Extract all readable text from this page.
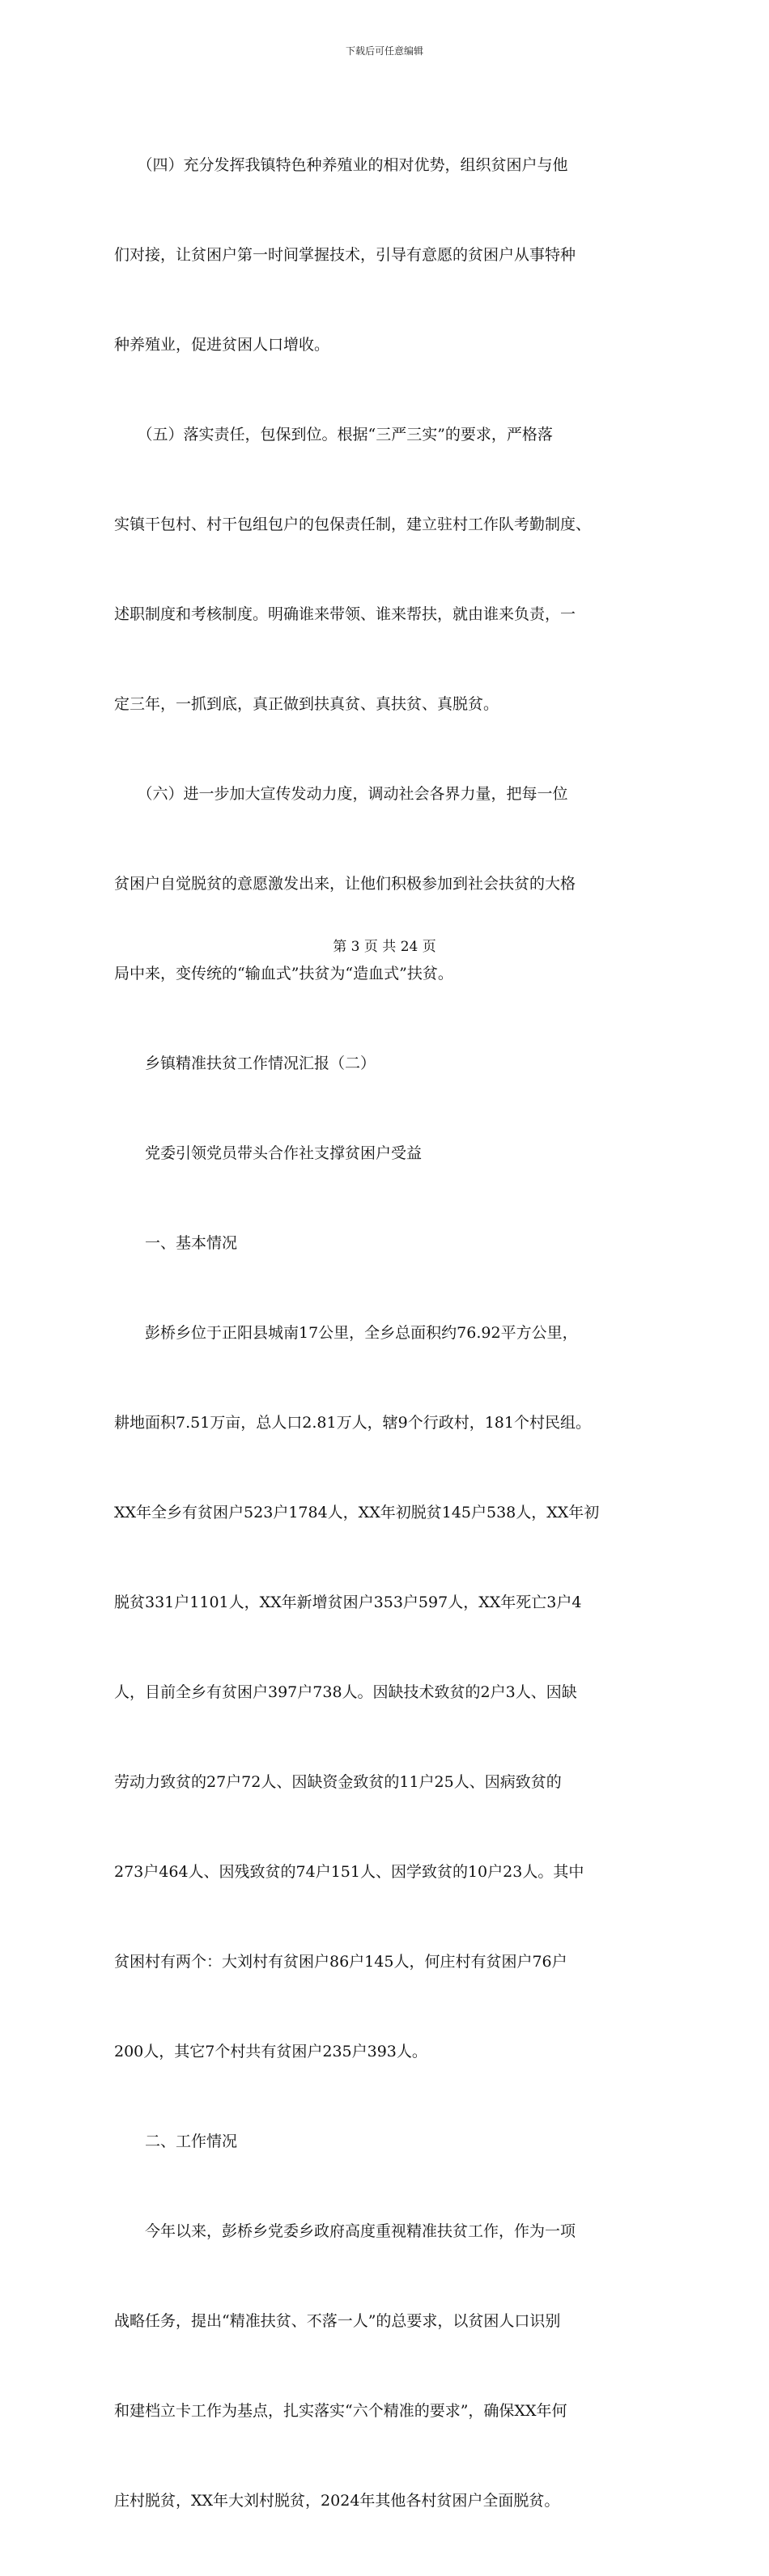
下载后可任意编辑

　　（四）充分发挥我镇特色种养殖业的相对优势，组织贫困户与他

们对接，让贫困户第一时间掌握技术，引导有意愿的贫困户从事特种

种养殖业，促进贫困人口增收。

　　（五）落实责任，包保到位。根据“三严三实”的要求，严格落

实镇干包村、村干包组包户的包保责任制，建立驻村工作队考勤制度、

述职制度和考核制度。明确谁来带领、谁来帮扶，就由谁来负责，一

定三年，一抓到底，真正做到扶真贫、真扶贫、真脱贫。

　　（六）进一步加大宣传发动力度，调动社会各界力量，把每一位

贫困户自觉脱贫的意愿激发出来，让他们积极参加到社会扶贫的大格

局中来，变传统的“输血式”扶贫为“造血式”扶贫。

　　乡镇精准扶贫工作情况汇报（二）

　　党委引领党员带头合作社支撑贫困户受益

　　一、基本情况

　　彭桥乡位于正阳县城南17公里，全乡总面积约76.92平方公里，

耕地面积7.51万亩，总人口2.81万人，辖9个行政村，181个村民组。

XX年全乡有贫困户523户1784人，XX年初脱贫145户538人，XX年初

脱贫331户1101人，XX年新增贫困户353户597人，XX年死亡3户4

人，目前全乡有贫困户397户738人。因缺技术致贫的2户3人、因缺

劳动力致贫的27户72人、因缺资金致贫的11户25人、因病致贫的

273户464人、因残致贫的74户151人、因学致贫的10户23人。其中

贫困村有两个：大刘村有贫困户86户145人，何庄村有贫困户76户

200人，其它7个村共有贫困户235户393人。

　　二、工作情况

　　今年以来，彭桥乡党委乡政府高度重视精准扶贫工作，作为一项

战略任务，提出“精准扶贫、不落一人”的总要求，以贫困人口识别

和建档立卡工作为基点，扎实落实“六个精准的要求”，确保XX年何

庄村脱贫，XX年大刘村脱贫，2024年其他各村贫困户全面脱贫。

第 3 页 共 24 页
